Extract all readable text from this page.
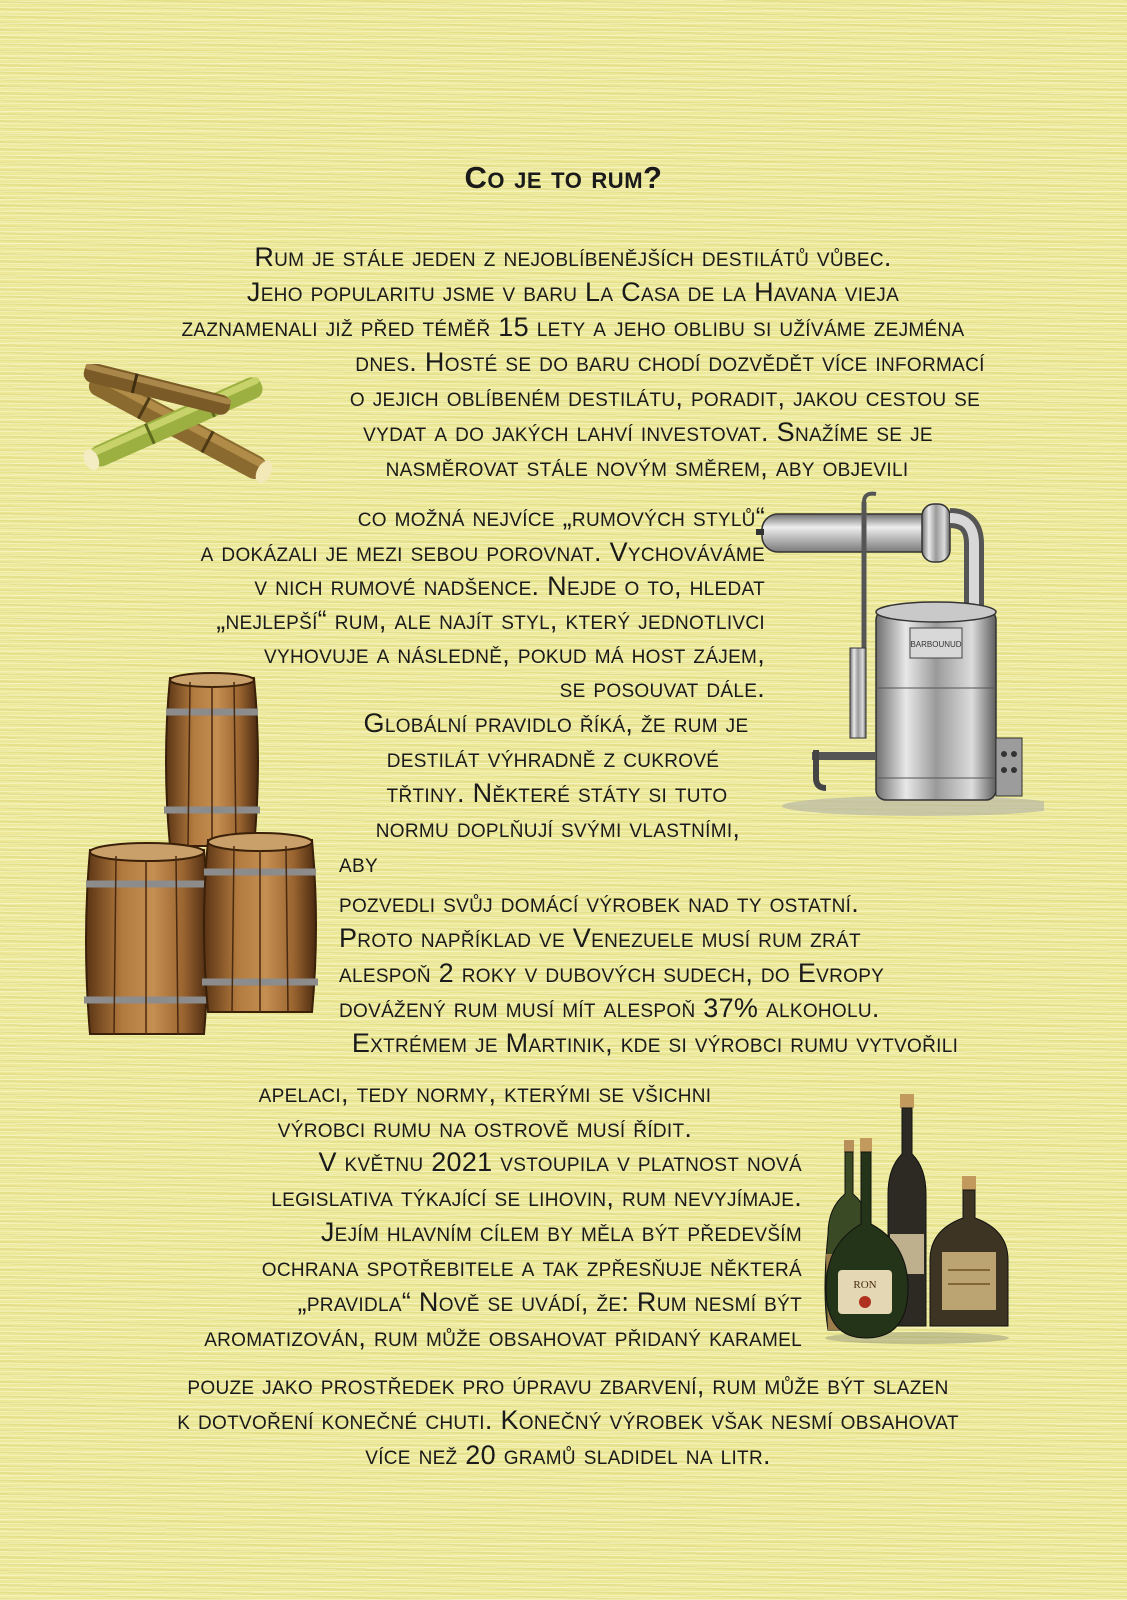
Co je to rum?
BARBOUNUD
RON

Rum je stále jeden z nejoblíbenějších destilátů vůbec.

Jeho popularitu jsme v baru La Casa de la Havana vieja

zaznamenali již před téměř 15 lety a jeho oblibu si užíváme zejména

dnes. Hosté se do baru chodí dozvědět více informací

o jejich oblíbeném destilátu, poradit, jakou cestou se

vydat a do jakých lahví investovat. Snažíme se je

nasměrovat stále novým směrem, aby objevili

co možná nejvíce „rumových stylů“

a dokázali je mezi sebou porovnat. Vychováváme

v nich rumové nadšence. Nejde o to, hledat

„nejlepší“ rum, ale najít styl, který jednotlivci

vyhovuje a následně, pokud má host zájem,

se posouvat dále.

Globální pravidlo říká, že rum je

destilát výhradně z cukrové

třtiny. Některé státy si tuto

normu doplňují svými vlastními,

aby

pozvedli svůj domácí výrobek nad ty ostatní.

Proto například ve Venezuele musí rum zrát

alespoň 2 roky v dubových sudech, do Evropy

dovážený rum musí mít alespoň 37% alkoholu.

Extrémem je Martinik, kde si výrobci rumu vytvořili

apelaci, tedy normy, kterými se všichni

výrobci rumu na ostrově musí řídit.

V květnu 2021 vstoupila v platnost nová

legislativa týkající se lihovin, rum nevyjímaje.

Jejím hlavním cílem by měla být především

ochrana spotřebitele a tak zpřesňuje některá

„pravidla“ Nově se uvádí, že: Rum nesmí být

aromatizován, rum může obsahovat přidaný karamel

pouze jako prostředek pro úpravu zbarvení, rum může být slazen

k dotvoření konečné chuti. Konečný výrobek však nesmí obsahovat

více než 20 gramů sladidel na litr.
